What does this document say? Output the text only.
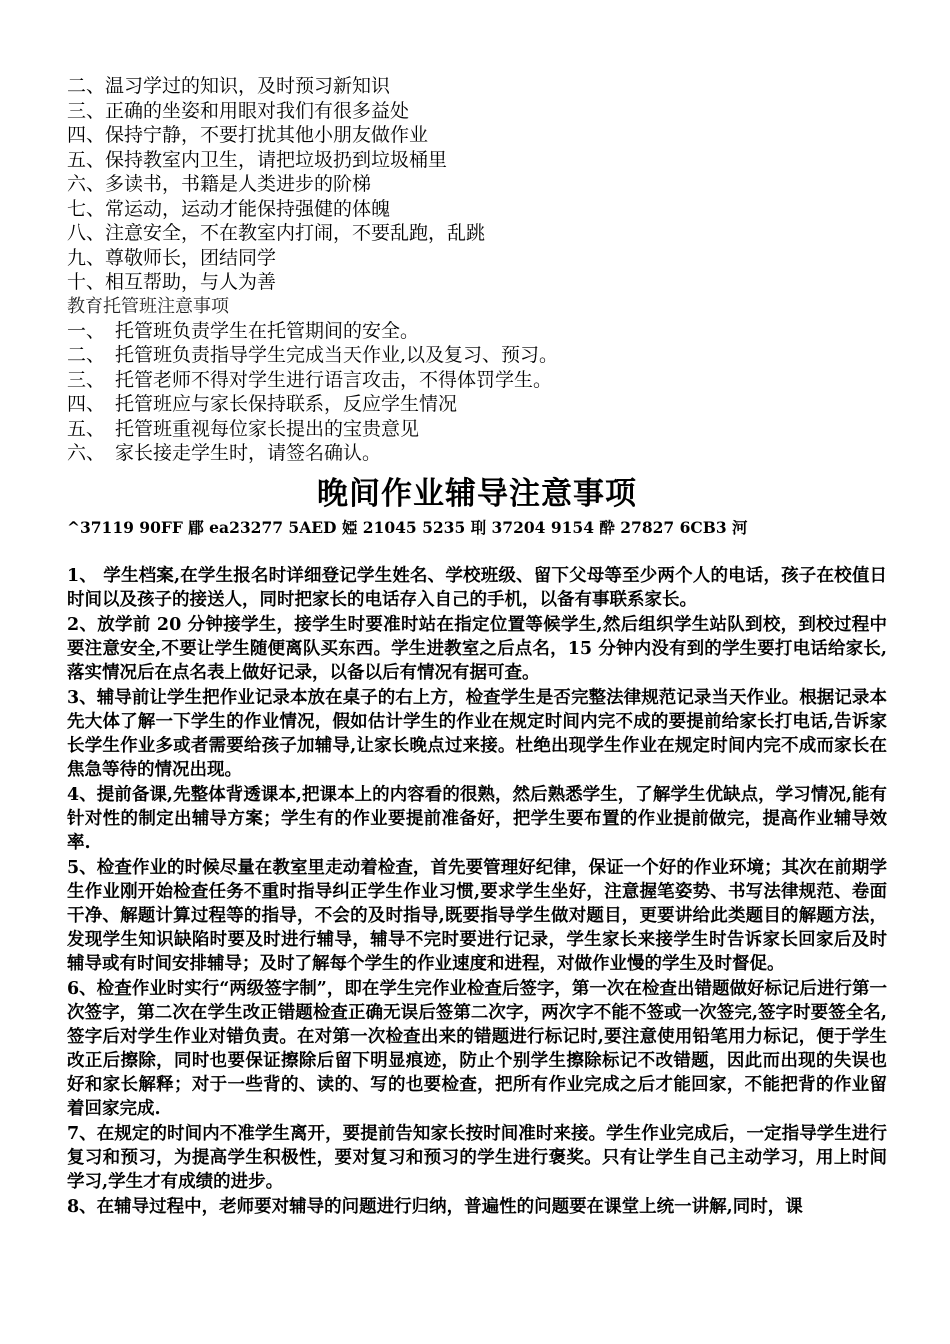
二、温习学过的知识，及时预习新知识
三、正确的坐姿和用眼对我们有很多益处
四、保持宁静，不要打扰其他小朋友做作业
五、保持教室内卫生，请把垃圾扔到垃圾桶里
六、多读书，书籍是人类进步的阶梯
七、常运动，运动才能保持强健的体魄
八、注意安全，不在教室内打闹，不要乱跑，乱跳
九、尊敬师长，团结同学
十、相互帮助，与人为善
教育托管班注意事项
一、 托管班负责学生在托管期间的安全。
二、 托管班负责指导学生完成当天作业,以及复习、预习。
三、 托管老师不得对学生进行语言攻击，不得体罚学生。
四、 托管班应与家长保持联系，反应学生情况
五、 托管班重视每位家长提出的宝贵意见
六、 家长接走学生时，请签名确认。
晚间作业辅导注意事项
^37119 90FF 郿 ea23277 5AED 婭 21045 5235 刵 37204 9154 酔 27827 6CB3 河

1、 学生档案,在学生报名时详细登记学生姓名、学校班级、留下父母等至少两个人的电话，孩子在校值日时间以及孩子的接送人，同时把家长的电话存入自己的手机，以备有事联系家长。

2、放学前 20 分钟接学生，接学生时要准时站在指定位置等候学生,然后组织学生站队到校，到校过程中要注意安全,不要让学生随便离队买东西。学生进教室之后点名，15 分钟内没有到的学生要打电话给家长,落实情况后在点名表上做好记录，以备以后有情况有据可查。

3、辅导前让学生把作业记录本放在桌子的右上方，检查学生是否完整法律规范记录当天作业。根据记录本先大体了解一下学生的作业情况，假如估计学生的作业在规定时间内完不成的要提前给家长打电话,告诉家长学生作业多或者需要给孩子加辅导,让家长晚点过来接。杜绝出现学生作业在规定时间内完不成而家长在焦急等待的情况出现。

4、提前备课,先整体背透课本,把课本上的内容看的很熟，然后熟悉学生，了解学生优缺点，学习情况,能有针对性的制定出辅导方案；学生有的作业要提前准备好，把学生要布置的作业提前做完，提高作业辅导效率.

5、检查作业的时候尽量在教室里走动着检查，首先要管理好纪律，保证一个好的作业环境；其次在前期学生作业刚开始检查任务不重时指导纠正学生作业习惯,要求学生坐好，注意握笔姿势、书写法律规范、卷面干净、解题计算过程等的指导，不会的及时指导,既要指导学生做对题目，更要讲给此类题目的解题方法，发现学生知识缺陷时要及时进行辅导，辅导不完时要进行记录，学生家长来接学生时告诉家长回家后及时辅导或有时间安排辅导；及时了解每个学生的作业速度和进程，对做作业慢的学生及时督促。

6、检查作业时实行“两级签字制”，即在学生完作业检查后签字，第一次在检查出错题做好标记后进行第一次签字，第二次在学生改正错题检查正确无误后签第二次字，两次字不能不签或一次签完,签字时要签全名,签字后对学生作业对错负责。在对第一次检查出来的错题进行标记时,要注意使用铅笔用力标记，便于学生改正后擦除，同时也要保证擦除后留下明显痕迹，防止个别学生擦除标记不改错题，因此而出现的失误也好和家长解释；对于一些背的、读的、写的也要检查，把所有作业完成之后才能回家，不能把背的作业留着回家完成.

7、在规定的时间内不准学生离开，要提前告知家长按时间准时来接。学生作业完成后，一定指导学生进行复习和预习，为提高学生积极性，要对复习和预习的学生进行褒奖。只有让学生自己主动学习，用上时间学习,学生才有成绩的进步。

8、在辅导过程中，老师要对辅导的问题进行归纳，普遍性的问题要在课堂上统一讲解,同时，课
